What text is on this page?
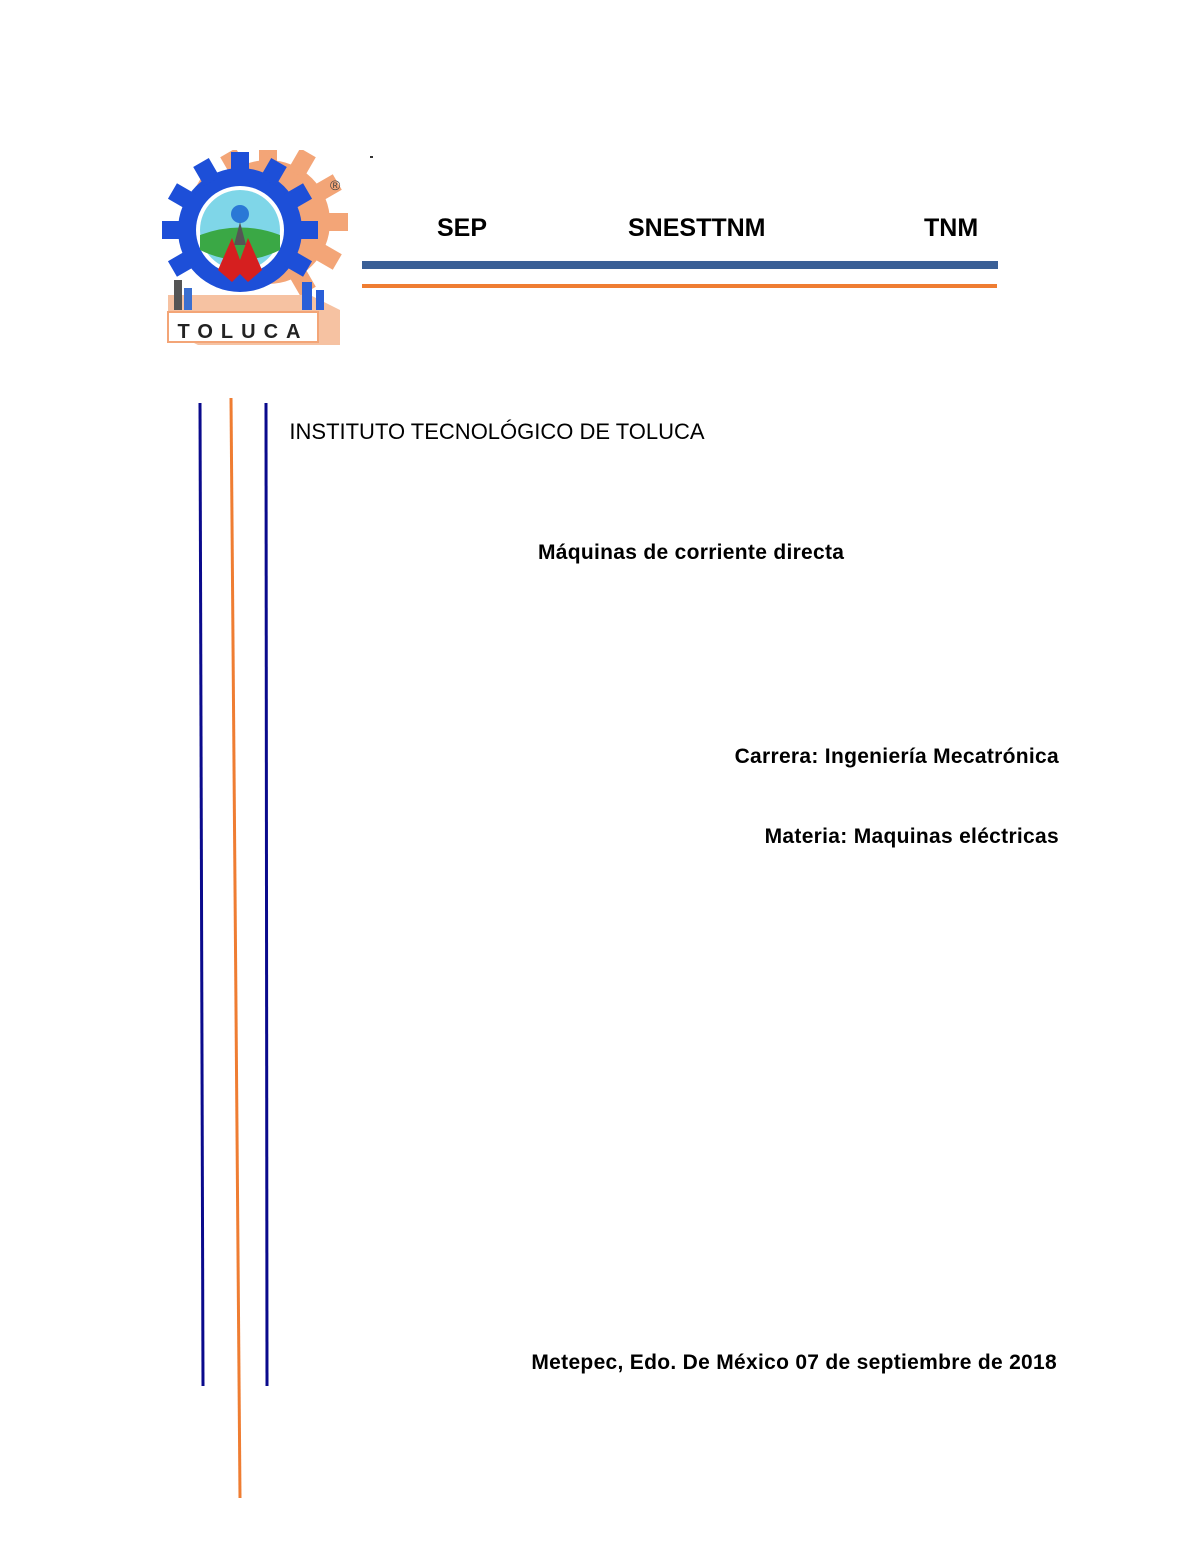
TOLUCA
®
SEP	SNESTTNM	TNM
INSTITUTO TECNOLÓGICO DE TOLUCA
Máquinas de corriente directa
Carrera: Ingeniería Mecatrónica
Materia: Maquinas eléctricas
Metepec, Edo. De México 07 de septiembre de 2018
